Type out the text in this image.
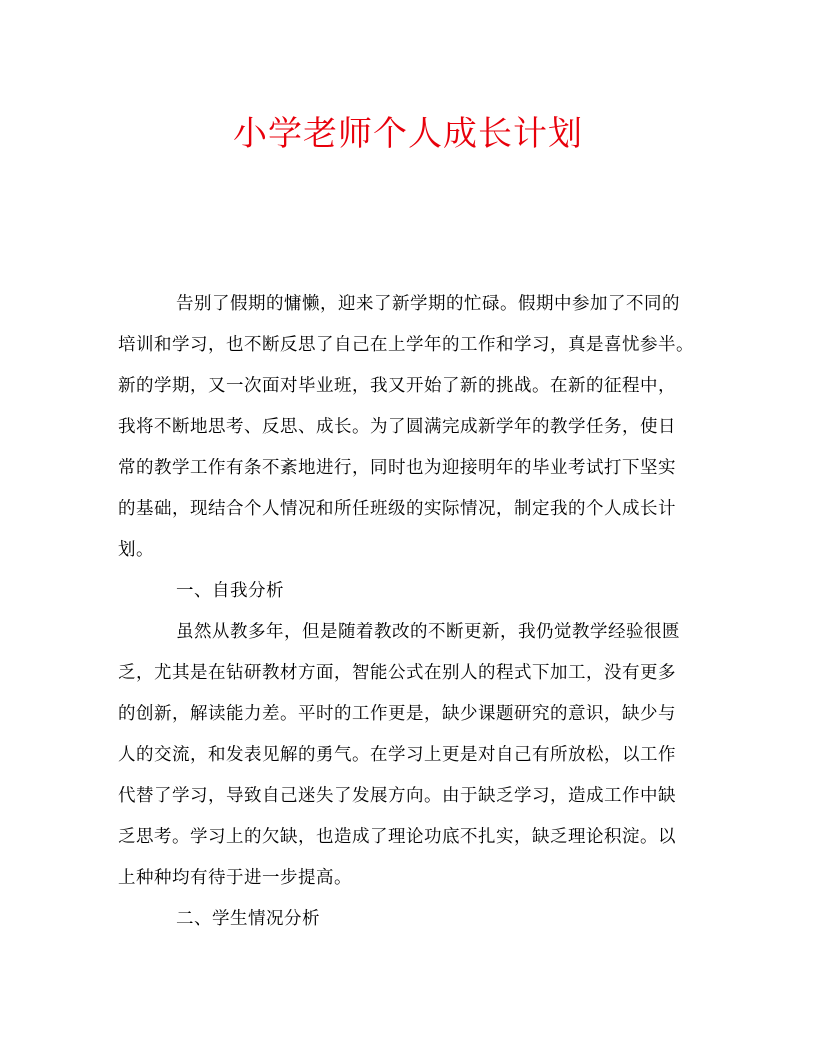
小学老师个人成长计划
告别了假期的慵懒，迎来了新学期的忙碌。假期中参加了不同的
培训和学习，也不断反思了自己在上学年的工作和学习，真是喜忧参半。
新的学期，又一次面对毕业班，我又开始了新的挑战。在新的征程中，
我将不断地思考、反思、成长。为了圆满完成新学年的教学任务，使日
常的教学工作有条不紊地进行，同时也为迎接明年的毕业考试打下坚实
的基础，现结合个人情况和所任班级的实际情况，制定我的个人成长计
划。
一、自我分析
虽然从教多年，但是随着教改的不断更新，我仍觉教学经验很匮
乏，尤其是在钻研教材方面，智能公式在别人的程式下加工，没有更多
的创新，解读能力差。平时的工作更是，缺少课题研究的意识，缺少与
人的交流，和发表见解的勇气。在学习上更是对自己有所放松，以工作
代替了学习，导致自己迷失了发展方向。由于缺乏学习，造成工作中缺
乏思考。学习上的欠缺，也造成了理论功底不扎实，缺乏理论积淀。以
上种种均有待于进一步提高。
二、学生情况分析
